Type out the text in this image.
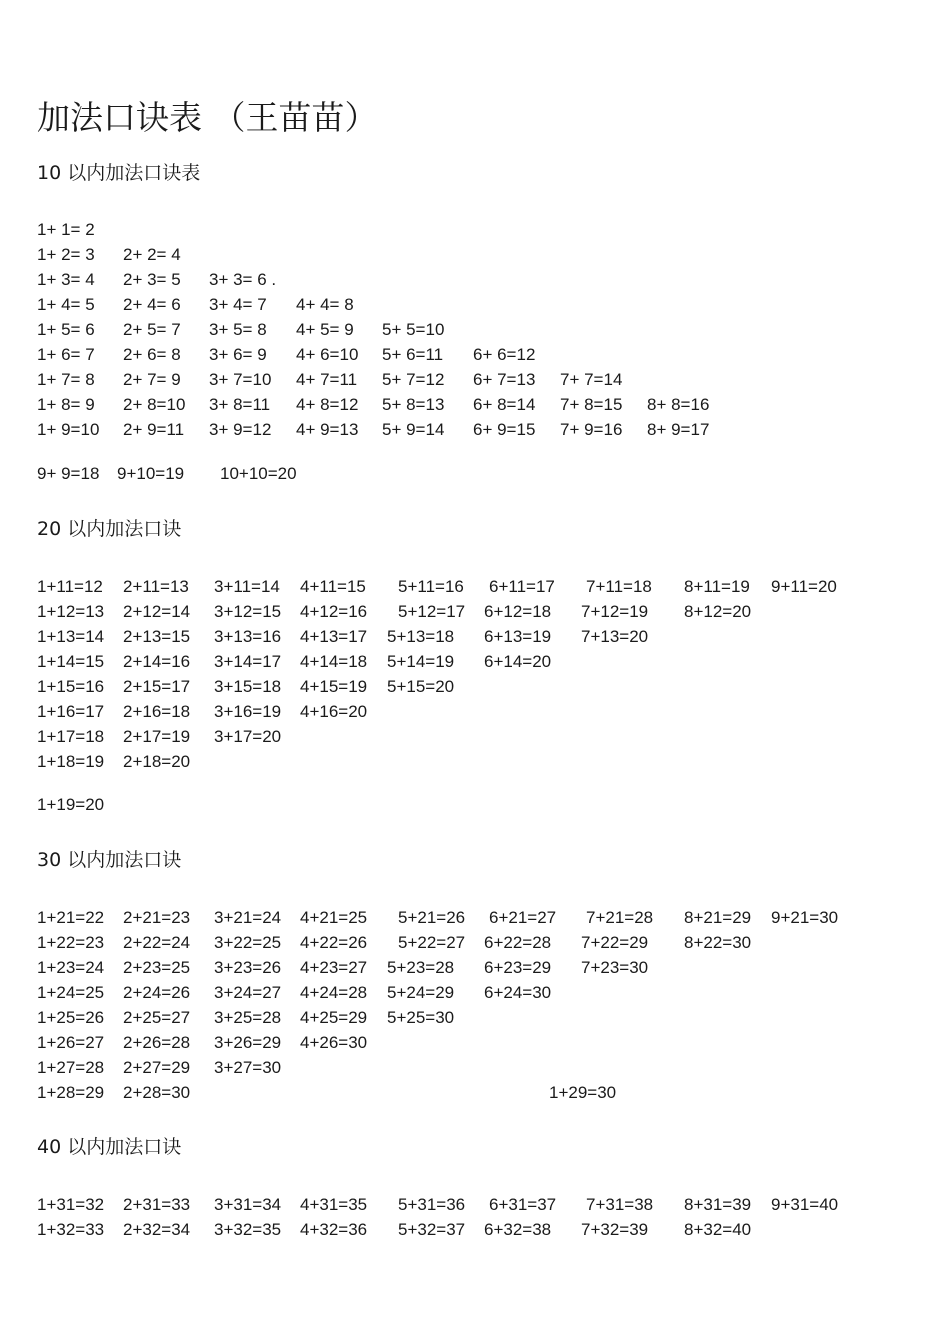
加法口诀表 （王苗苗）
10 以内加法口诀表
1+ 1= 2
1+ 2= 3 2+ 2= 4
1+ 3= 4 2+ 3= 5 3+ 3= 6 .
1+ 4= 5 2+ 4= 6 3+ 4= 7 4+ 4= 8
1+ 5= 6 2+ 5= 7 3+ 5= 8 4+ 5= 9 5+ 5=10
1+ 6= 7 2+ 6= 8 3+ 6= 9 4+ 6=10 5+ 6=11 6+ 6=12
1+ 7= 8 2+ 7= 9 3+ 7=10 4+ 7=11 5+ 7=12 6+ 7=13 7+ 7=14
1+ 8= 9 2+ 8=10 3+ 8=11 4+ 8=12 5+ 8=13 6+ 8=14 7+ 8=15 8+ 8=16
1+ 9=10 2+ 9=11 3+ 9=12 4+ 9=13 5+ 9=14 6+ 9=15 7+ 9=16 8+ 9=17
9+ 9=18 9+10=19 10+10=20
20 以内加法口诀
1+11=12 2+11=13 3+11=14 4+11=15 5+11=16 6+11=17 7+11=18 8+11=19 9+11=20
1+12=13 2+12=14 3+12=15 4+12=16 5+12=17 6+12=18 7+12=19 8+12=20
1+13=14 2+13=15 3+13=16 4+13=17 5+13=18 6+13=19 7+13=20
1+14=15 2+14=16 3+14=17 4+14=18 5+14=19 6+14=20
1+15=16 2+15=17 3+15=18 4+15=19 5+15=20
1+16=17 2+16=18 3+16=19 4+16=20
1+17=18 2+17=19 3+17=20
1+18=19 2+18=20
1+19=20
30 以内加法口诀
1+21=22 2+21=23 3+21=24 4+21=25 5+21=26 6+21=27 7+21=28 8+21=29 9+21=30
1+22=23 2+22=24 3+22=25 4+22=26 5+22=27 6+22=28 7+22=29 8+22=30
1+23=24 2+23=25 3+23=26 4+23=27 5+23=28 6+23=29 7+23=30
1+24=25 2+24=26 3+24=27 4+24=28 5+24=29 6+24=30
1+25=26 2+25=27 3+25=28 4+25=29 5+25=30
1+26=27 2+26=28 3+26=29 4+26=30
1+27=28 2+27=29 3+27=30
1+28=29 2+28=30	1+29=30
40 以内加法口诀
1+31=32 2+31=33 3+31=34 4+31=35 5+31=36 6+31=37 7+31=38 8+31=39 9+31=40
1+32=33 2+32=34 3+32=35 4+32=36 5+32=37 6+32=38 7+32=39 8+32=40
